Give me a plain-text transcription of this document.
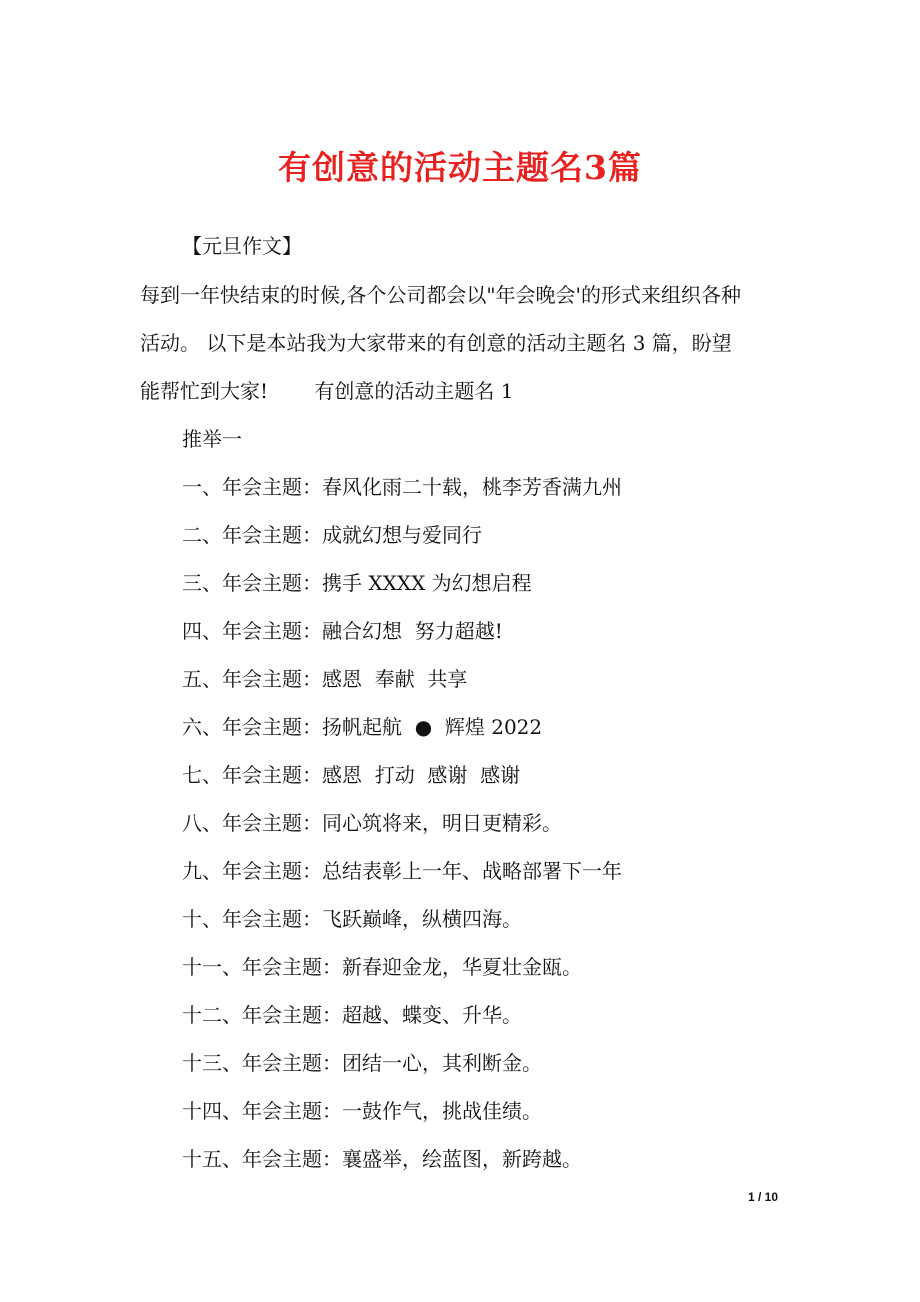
有创意的活动主题名3篇
【元旦作文】
每到一年快结束的时候,各个公司都会以"年会晚会'的形式来组织各种
活动。 以下是本站我为大家带来的有创意的活动主题名 3 篇，盼望
能帮忙到大家!　　 有创意的活动主题名 1
推举一
一、年会主题：春风化雨二十载，桃李芳香满九州
二、年会主题：成就幻想与爱同行
三、年会主题：携手 XXXX 为幻想启程
四、年会主题：融合幻想  努力超越!
五、年会主题：感恩  奉献  共享
六、年会主题：扬帆起航  ●  辉煌 2022
七、年会主题：感恩  打动  感谢  感谢
八、年会主题：同心筑将来，明日更精彩。
九、年会主题：总结表彰上一年、战略部署下一年
十、年会主题：飞跃巅峰，纵横四海。
十一、年会主题：新春迎金龙，华夏壮金瓯。
十二、年会主题：超越、蝶变、升华。
十三、年会主题：团结一心，其利断金。
十四、年会主题：一鼓作气，挑战佳绩。
十五、年会主题：襄盛举，绘蓝图，新跨越。
1 / 10
